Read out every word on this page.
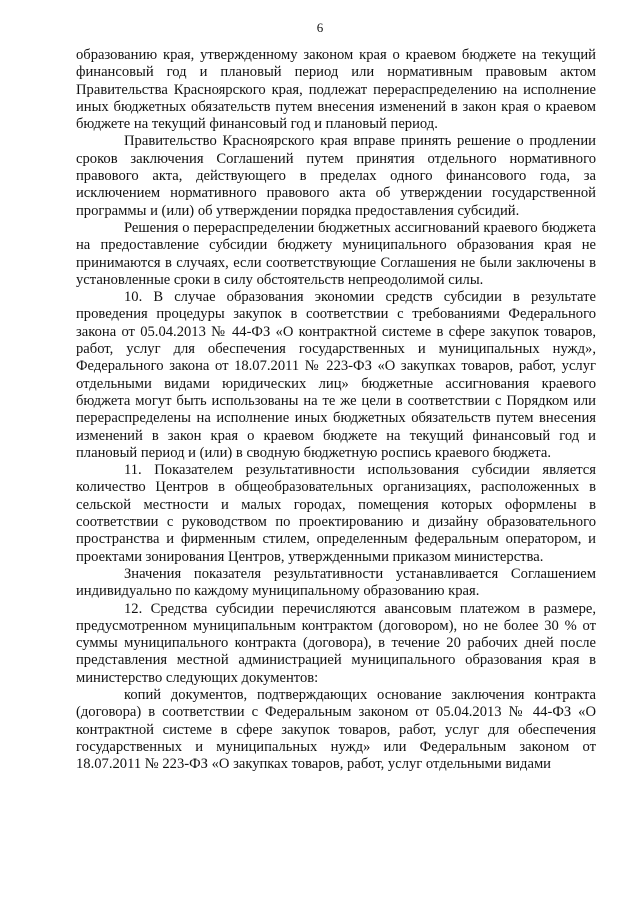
6

образованию края, утвержденному законом края о краевом бюджете на текущий финансовый год и плановый период или нормативным правовым актом Правительства Красноярского края, подлежат перераспределению на исполнение иных бюджетных обязательств путем внесения изменений в закон края о краевом бюджете на текущий финансовый год и плановый период.

Правительство Красноярского края вправе принять решение о продлении сроков заключения Соглашений путем принятия отдельного нормативного правового акта, действующего в пределах одного финансового года, за исключением нормативного правового акта об утверждении государственной программы и (или) об утверждении порядка предоставления субсидий.

Решения о перераспределении бюджетных ассигнований краевого бюджета на предоставление субсидии бюджету муниципального образования края не принимаются в случаях, если соответствующие Соглашения не были заключены в установленные сроки в силу обстоятельств непреодолимой силы.

10. В случае образования экономии средств субсидии в результате проведения процедуры закупок в соответствии с требованиями Федерального закона от 05.04.2013 № 44-ФЗ «О контрактной системе в сфере закупок товаров, работ, услуг для обеспечения государственных и муниципальных нужд», Федерального закона от 18.07.2011 № 223-ФЗ «О закупках товаров, работ, услуг отдельными видами юридических лиц» бюджетные ассигнования краевого бюджета могут быть использованы на те же цели в соответствии с Порядком или перераспределены на исполнение иных бюджетных обязательств путем внесения изменений в закон края о краевом бюджете на текущий финансовый год и плановый период и (или) в сводную бюджетную роспись краевого бюджета.

11. Показателем результативности использования субсидии является количество Центров в общеобразовательных организациях, расположенных в сельской местности и малых городах, помещения которых оформлены в соответствии с руководством по проектированию и дизайну образовательного пространства и фирменным стилем, определенным федеральным оператором, и проектами зонирования Центров, утвержденными приказом министерства.

Значения показателя результативности устанавливается Соглашением индивидуально по каждому муниципальному образованию края.

12. Средства субсидии перечисляются авансовым платежом в размере, предусмотренном муниципальным контрактом (договором), но не более 30 % от суммы муниципального контракта (договора), в течение 20 рабочих дней после представления местной администрацией муниципального образования края в министерство следующих документов:

копий документов, подтверждающих основание заключения контракта (договора) в соответствии с Федеральным законом от 05.04.2013 № 44-ФЗ «О контрактной системе в сфере закупок товаров, работ, услуг для обеспечения государственных и муниципальных нужд» или Федеральным законом от 18.07.2011 № 223-ФЗ «О закупках товаров, работ, услуг отдельными видами
